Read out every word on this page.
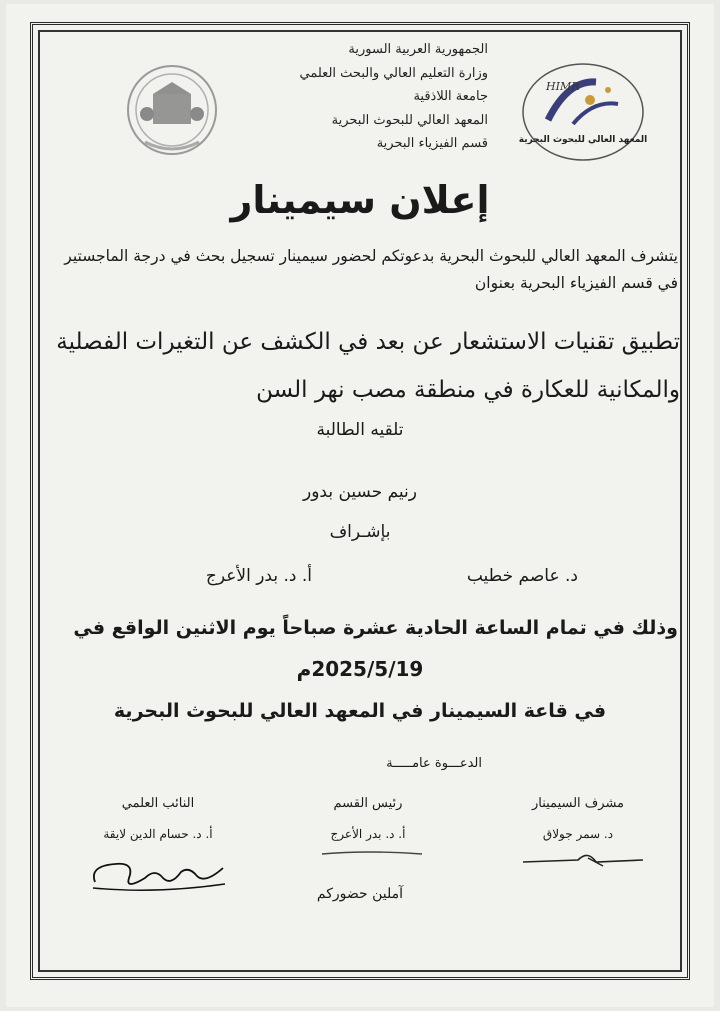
HIMR
المعهد العالي للبحوث البحرية
الجمهورية العربية السورية
وزارة التعليم العالي والبحث العلمي
جامعة اللاذقية
المعهد العالي للبحوث البحرية
قسم الفيزياء البحرية
إعلان سيمينار
يتشرف المعهد العالي للبحوث البحرية بدعوتكم لحضور سيمينار تسجيل بحث في درجة الماجستير في قسم الفيزياء البحرية بعنوان
تطبيق تقنيات الاستشعار عن بعد في الكشف عن التغيرات الفصلية والمكانية للعكارة في منطقة مصب نهر السن
تلقيه الطالبة
رنيم حسين بدور
بإشـراف
د. عاصم خطيب
أ. د. بدر الأعرج
وذلك في تمام الساعة الحادية عشرة صباحاً يوم الاثنين الواقع في
2025/5/19م
في قاعة السيمينار في المعهد العالي للبحوث البحرية
الدعـــوة عامـــــة
مشرف السيمينار
د. سمر جولاق
رئيس القسم
أ. د. بدر الأعرج
النائب العلمي
أ. د. حسام الدين لايقة
آملين حضوركم
